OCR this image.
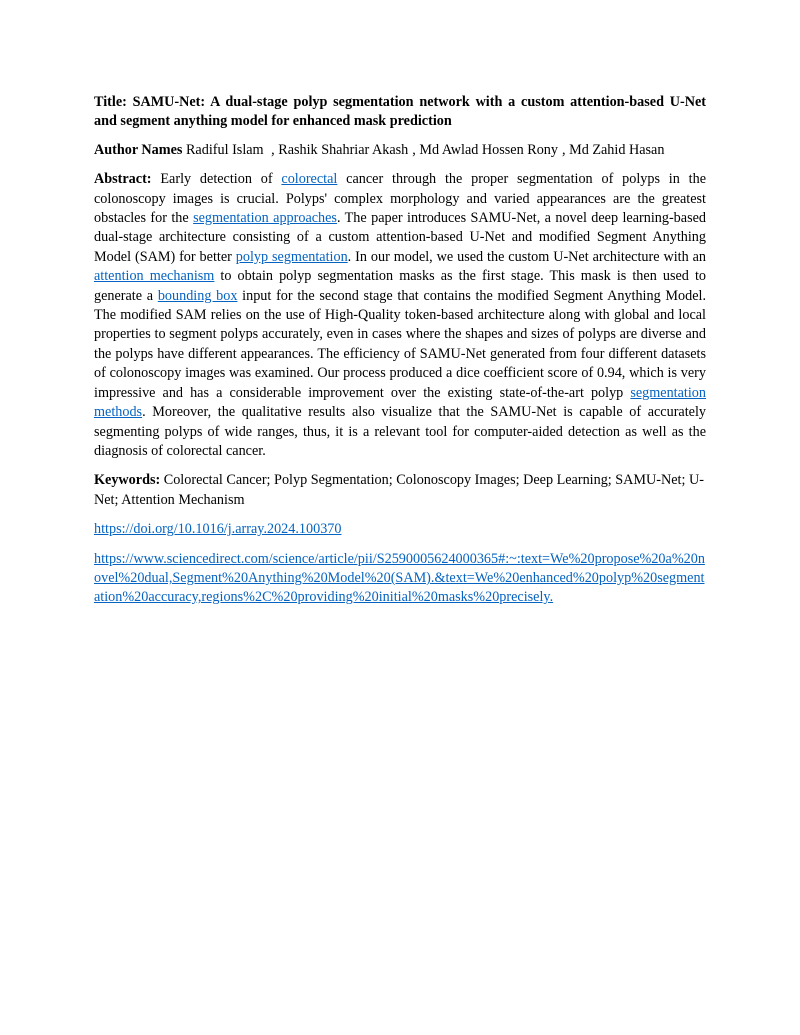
Title: SAMU-Net: A dual-stage polyp segmentation network with a custom attention-based U-Net and segment anything model for enhanced mask prediction

Author Names Radiful Islam , Rashik Shahriar Akash , Md Awlad Hossen Rony , Md Zahid Hasan

Abstract: Early detection of colorectal cancer through the proper segmentation of polyps in the colonoscopy images is crucial. Polyps' complex morphology and varied appearances are the greatest obstacles for the segmentation approaches. The paper introduces SAMU-Net, a novel deep learning-based dual-stage architecture consisting of a custom attention-based U-Net and modified Segment Anything Model (SAM) for better polyp segmentation. In our model, we used the custom U-Net architecture with an attention mechanism to obtain polyp segmentation masks as the first stage. This mask is then used to generate a bounding box input for the second stage that contains the modified Segment Anything Model. The modified SAM relies on the use of High-Quality token-based architecture along with global and local properties to segment polyps accurately, even in cases where the shapes and sizes of polyps are diverse and the polyps have different appearances. The efficiency of SAMU-Net generated from four different datasets of colonoscopy images was examined. Our process produced a dice coefficient score of 0.94, which is very impressive and has a considerable improvement over the existing state-of-the-art polyp segmentation methods. Moreover, the qualitative results also visualize that the SAMU-Net is capable of accurately segmenting polyps of wide ranges, thus, it is a relevant tool for computer-aided detection as well as the diagnosis of colorectal cancer.

Keywords: Colorectal Cancer; Polyp Segmentation; Colonoscopy Images; Deep Learning; SAMU-Net; U-Net; Attention Mechanism

https://doi.org/10.1016/j.array.2024.100370

https://www.sciencedirect.com/science/article/pii/S2590005624000365#:~:text=We%20propose%20a%20novel%20dual,Segment%20Anything%20Model%20(SAM).&text=We%20enhanced%20polyp%20segmentation%20accuracy,regions%2C%20providing%20initial%20masks%20precisely.
